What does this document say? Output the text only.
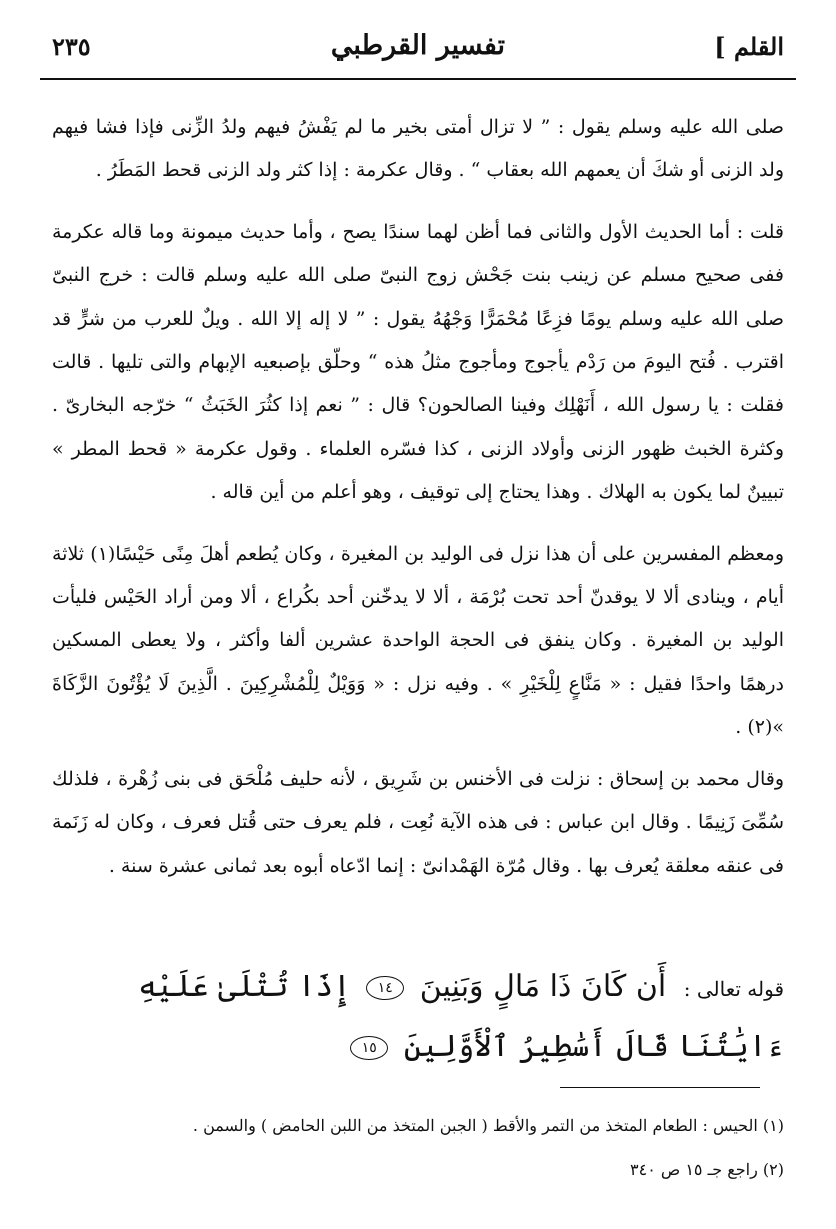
القلم ]
تفسير القرطبي
٢٣٥

صلى الله عليه وسلم يقول : ” لا تزال أمتى بخير ما لم يَفْشُ فيهم ولدُ الزِّنى فإذا فشا فيهم ولد الزنى أو شكَ أن يعمهم الله بعقاب “ . وقال عكرمة : إذا كثر ولد الزنى قحط المَطَرُ .

قلت : أما الحديث الأول والثانى فما أظن لهما سندًا يصح ، وأما حديث ميمونة وما قاله عكرمة ففى صحيح مسلم عن زينب بنت جَحْش زوج النبىّ صلى الله عليه وسلم قالت : خرج النبىّ صلى الله عليه وسلم يومًا فزِعًا مُحْمَرًّا وَجْهُهُ يقول : ” لا إله إلا الله . ويلٌ للعرب من شرٍّ قد اقترب . فُتح اليومَ من رَدْم يأجوج ومأجوج مثلُ هذه “ وحلّق بإصبعيه الإبهام والتى تليها . قالت فقلت : يا رسول الله ، أَنَهْلِك وفينا الصالحون؟ قال : ” نعم إذا كثُرَ الخَبَثُ “ خرّجه البخارىّ . وكثرة الخبث ظهور الزنى وأولاد الزنى ، كذا فسّره العلماء . وقول عكرمة « قحط المطر » تبيينٌ لما يكون به الهلاك . وهذا يحتاج إلى توقيف ، وهو أعلم من أين قاله .

ومعظم المفسرين على أن هذا نزل فى الوليد بن المغيرة ، وكان يُطعم أهلَ مِنًى حَيْسًا(١) ثلاثة أيام ، وينادى ألا لا يوقدنّ أحد تحت بُرْمَة ، ألا لا يدخّنن أحد بكُراع ، ألا ومن أراد الحَيْس فليأت الوليد بن المغيرة . وكان ينفق فى الحجة الواحدة عشرين ألفا وأكثر ، ولا يعطى المسكين درهمًا واحدًا فقيل : « مَنَّاعٍ لِلْخَيْرِ » . وفيه نزل : « وَوَيْلٌ لِلْمُشْرِكِينَ . الَّذِينَ لَا يُؤْتُونَ الزَّكَاةَ »(٢) .

وقال محمد بن إسحاق : نزلت فى الأخنس بن شَرِيق ، لأنه حليف مُلْحَق فى بنى زُهْرة ، فلذلك سُمِّىَ زَنِيمًا . وقال ابن عباس : فى هذه الآية نُعِت ، فلم يعرف حتى قُتل فعرف ، وكان له زَنَمة فى عنقه معلقة يُعرف بها . وقال مُرّة الهَمْدانىّ : إنما ادّعاه أبوه بعد ثمانى عشرة سنة .

قوله تعالى : أَن كَانَ ذَا مَالٍ وَبَنِينَ ١٤ إِذَا تُتْلَىٰ عَلَيْهِ ءَايَٰتُنَا قَالَ أَسَٰطِيرُ ٱلْأَوَّلِينَ ١٥
(١) الحيس : الطعام المتخذ من التمر والأقط ( الجبن المتخذ من اللبن الحامض ) والسمن .
(٢) راجع جـ ١٥ ص ٣٤٠
